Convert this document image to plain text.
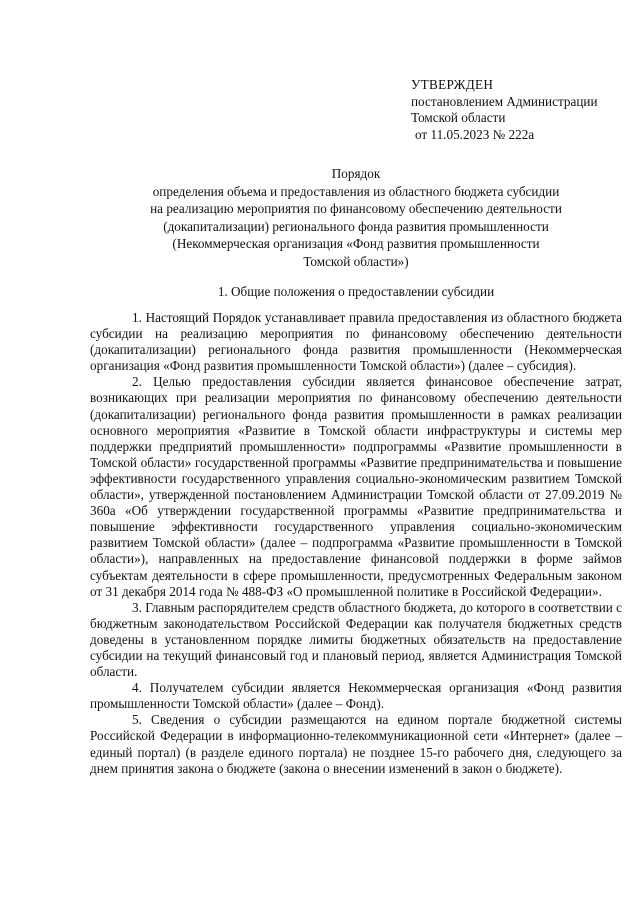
УТВЕРЖДЕН
постановлением Администрации
Томской области
от 11.05.2023 № 222а
Порядок
определения объема и предоставления из областного бюджета субсидии
на реализацию мероприятия по финансовому обеспечению деятельности
(докапитализации) регионального фонда развития промышленности
(Некоммерческая организация «Фонд развития промышленности
Томской области»)
1. Общие положения о предоставлении субсидии

1. Настоящий Порядок устанавливает правила предоставления из областного бюджета субсидии на реализацию мероприятия по финансовому обеспечению деятельности (докапитализации) регионального фонда развития промышленности (Некоммерческая организация «Фонд развития промышленности Томской области») (далее – субсидия).

2. Целью предоставления субсидии является финансовое обеспечение затрат, возникающих при реализации мероприятия по финансовому обеспечению деятельности (докапитализации) регионального фонда развития промышленности в рамках реализации основного мероприятия «Развитие в Томской области инфраструктуры и системы мер поддержки предприятий промышленности» подпрограммы «Развитие промышленности в Томской области» государственной программы «Развитие предпринимательства и повышение эффективности государственного управления социально-экономическим развитием Томской области», утвержденной постановлением Администрации Томской области от 27.09.2019 № 360а «Об утверждении государственной программы «Развитие предпринимательства и повышение эффективности государственного управления социально-экономическим развитием Томской области» (далее – подпрограмма «Развитие промышленности в Томской области»), направленных на предоставление финансовой поддержки в форме займов субъектам деятельности в сфере промышленности, предусмотренных Федеральным законом от 31 декабря 2014 года № 488-ФЗ «О промышленной политике в Российской Федерации».

3. Главным распорядителем средств областного бюджета, до которого в соответствии с бюджетным законодательством Российской Федерации как получателя бюджетных средств доведены в установленном порядке лимиты бюджетных обязательств на предоставление субсидии на текущий финансовый год и плановый период, является Администрация Томской области.

4. Получателем субсидии является Некоммерческая организация «Фонд развития промышленности Томской области» (далее – Фонд).

5. Сведения о субсидии размещаются на едином портале бюджетной системы Российской Федерации в информационно-телекоммуникационной сети «Интернет» (далее – единый портал) (в разделе единого портала) не позднее 15-го рабочего дня, следующего за днем принятия закона о бюджете (закона о внесении изменений в закон о бюджете).
